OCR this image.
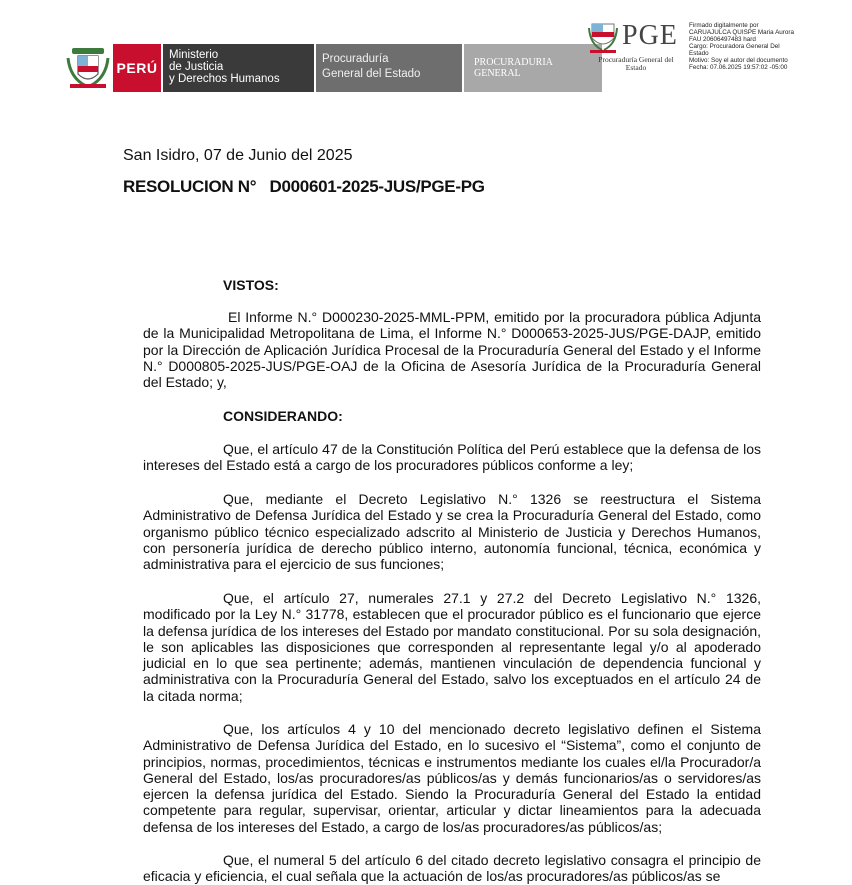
PERÚ
Ministerio
de Justicia
y Derechos Humanos
Procuraduría
General del Estado
PROCURADURIA
GENERAL
PGE
Procuraduría General del Estado
Firmado digitalmente por
CARUAJULCA QUISPE Maria Aurora
FAU 20606497483 hard
Cargo: Procuradora General Del
Estado
Motivo: Soy el autor del documento
Fecha: 07.06.2025 19:57:02 -05:00
San Isidro, 07 de Junio del 2025
RESOLUCION N°   D000601-2025-JUS/PGE-PG
VISTOS:
El Informe N.° D000230-2025-MML-PPM, emitido por la procuradora pública Adjunta de la Municipalidad Metropolitana de Lima, el Informe N.° D000653-2025-JUS/PGE-DAJP, emitido por la Dirección de Aplicación Jurídica Procesal de la Procuraduría General del Estado y el Informe N.° D000805-2025-JUS/PGE-OAJ de la Oficina de Asesoría Jurídica de la Procuraduría General del Estado; y,
CONSIDERANDO:
Que, el artículo 47 de la Constitución Política del Perú establece que la defensa de los intereses del Estado está a cargo de los procuradores públicos conforme a ley;
Que, mediante el Decreto Legislativo N.° 1326 se reestructura el Sistema Administrativo de Defensa Jurídica del Estado y se crea la Procuraduría General del Estado, como organismo público técnico especializado adscrito al Ministerio de Justicia y Derechos Humanos, con personería jurídica de derecho público interno, autonomía funcional, técnica, económica y administrativa para el ejercicio de sus funciones;
Que, el artículo 27, numerales 27.1 y 27.2 del Decreto Legislativo N.° 1326, modificado por la Ley N.° 31778, establecen que el procurador público es el funcionario que ejerce la defensa jurídica de los intereses del Estado por mandato constitucional. Por su sola designación, le son aplicables las disposiciones que corresponden al representante legal y/o al apoderado judicial en lo que sea pertinente; además, mantienen vinculación de dependencia funcional y administrativa con la Procuraduría General del Estado, salvo los exceptuados en el artículo 24 de la citada norma;
Que, los artículos 4 y 10 del mencionado decreto legislativo definen el Sistema Administrativo de Defensa Jurídica del Estado, en lo sucesivo el “Sistema”, como el conjunto de principios, normas, procedimientos, técnicas e instrumentos mediante los cuales el/la Procurador/a General del Estado, los/as procuradores/as públicos/as y demás funcionarios/as o servidores/as ejercen la defensa jurídica del Estado. Siendo la Procuraduría General del Estado la entidad competente para regular, supervisar, orientar, articular y dictar lineamientos para la adecuada defensa de los intereses del Estado, a cargo de los/as procuradores/as públicos/as;
Que, el numeral 5 del artículo 6 del citado decreto legislativo consagra el principio de eficacia y eficiencia, el cual señala que la actuación de los/as procuradores/as públicos/as se
